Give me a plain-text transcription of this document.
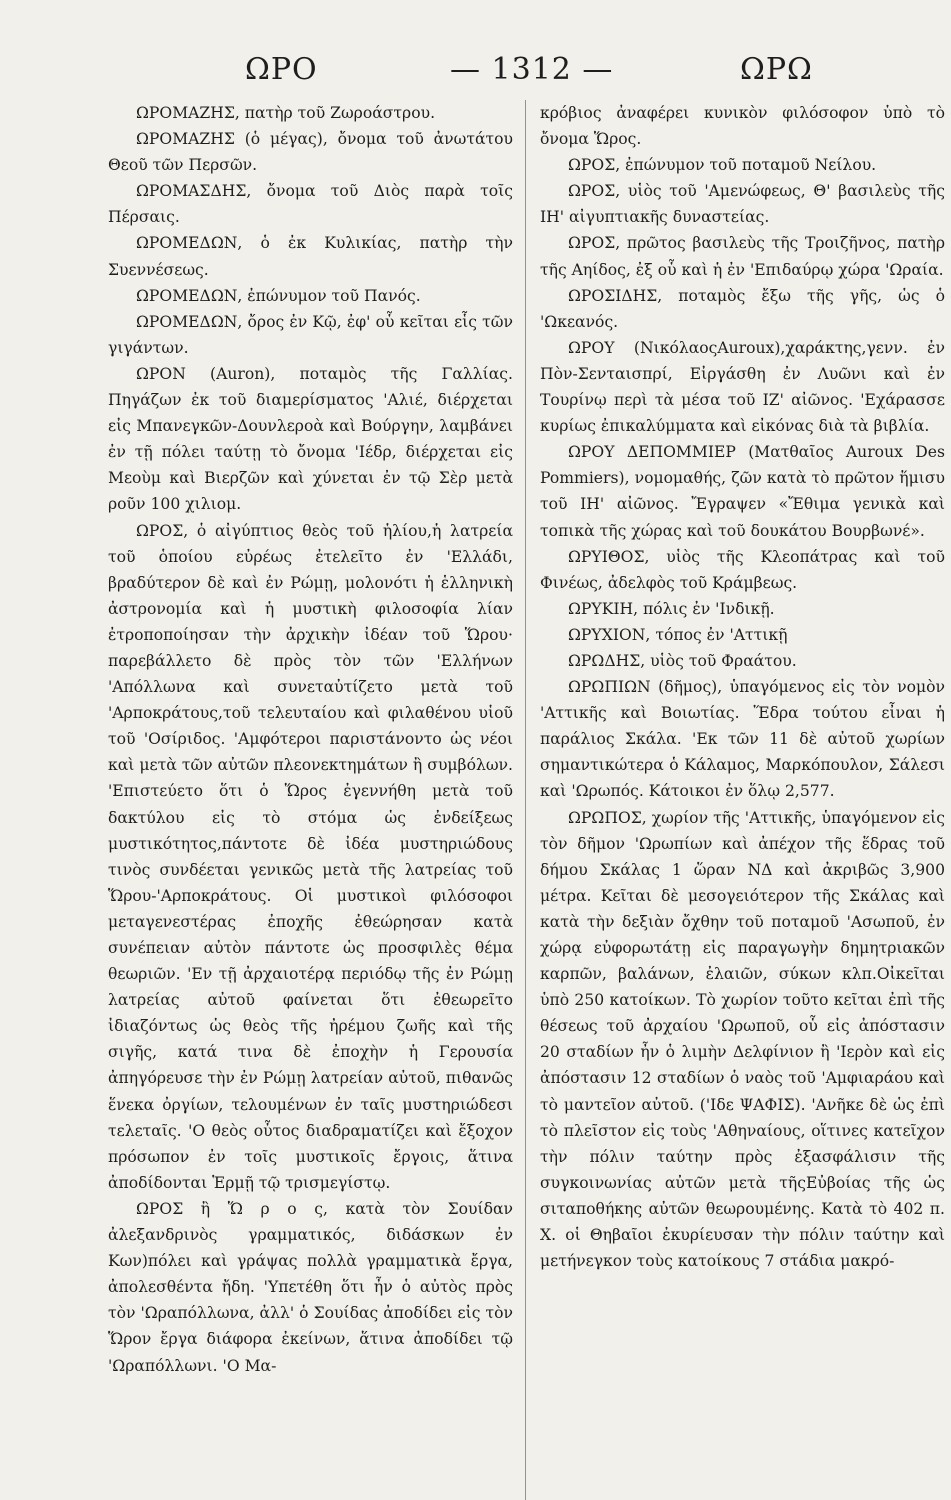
ΩΡΟ	— 1312 —	ΩΡΩ

ΩΡΟΜΑΖΗΣ, πατὴρ τοῦ Ζωροάστρου.

ΩΡΟΜΑΖΗΣ (ὁ μέγας), ὄνομα τοῦ ἀνωτάτου Θεοῦ τῶν Περσῶν.

ΩΡΟΜΑΣΔΗΣ, ὄνομα τοῦ Διὸς παρὰ τοῖς Πέρσαις.

ΩΡΟΜΕΔΩΝ, ὁ ἐκ Κυλικίας, πατὴρ τὴν Συεννέσεως.

ΩΡΟΜΕΔΩΝ, ἐπώνυμον τοῦ Πανός.

ΩΡΟΜΕΔΩΝ, ὄρος ἐν Κῷ, ἐφ' οὗ κεῖται εἷς τῶν γιγάντων.

ΩΡΟΝ (Auron), ποταμὸς τῆς Γαλλίας. Πηγάζων ἐκ τοῦ διαμερίσματος 'Αλιέ, διέρχεται εἰς Μπανεγκῶν-Δουνλεροὰ καὶ Βούργην, λαμβάνει ἐν τῇ πόλει ταύτῃ τὸ ὄνομα 'Ιέδρ, διέρχεται εἰς Μεοὺμ καὶ Βιερζῶν καὶ χύνεται ἐν τῷ Σὲρ μετὰ ροῦν 100 χιλιομ.

ΩΡΟΣ, ὁ αἰγύπτιος θεὸς τοῦ ἡλίου,ἡ λατρεία τοῦ ὁποίου εὐρέως ἐτελεῖτο ἐν 'Ελλάδι, βραδύτερον δὲ καὶ ἐν Ρώμῃ, μολονότι ἡ ἑλληνικὴ ἀστρονομία καὶ ἡ μυστικὴ φιλοσοφία λίαν ἐτροποποίησαν τὴν ἀρχικὴν ἰδέαν τοῦ Ὥρου· παρεβάλλετο δὲ πρὸς τὸν τῶν 'Ελλήνων 'Απόλλωνα καὶ συνεταὐτίζετο μετὰ τοῦ 'Αρποκράτους,τοῦ τελευταίου καὶ φιλαθένου υἱοῦ τοῦ 'Οσίριδος. 'Αμφότεροι παριστάνοντο ὡς νέοι καὶ μετὰ τῶν αὐτῶν πλεονεκτημάτων ἢ συμβόλων. 'Επιστεύετο ὅτι ὁ Ὥρος ἐγεννήθη μετὰ τοῦ δακτύλου εἰς τὸ στόμα ὡς ἐνδείξεως μυστικότητος,πάντοτε δὲ ἰδέα μυστηριώδους τινὸς συνδέεται γενικῶς μετὰ τῆς λατρείας τοῦ Ὥρου-'Αρποκράτους. Οἱ μυστικοὶ φιλόσοφοι μεταγενεστέρας ἐποχῆς ἐθεώρησαν κατὰ συνέπειαν αὐτὸν πάντοτε ὡς προσφιλὲς θέμα θεωριῶν. 'Εν τῇ ἀρχαιοτέρᾳ περιόδῳ τῆς ἐν Ρώμῃ λατρείας αὐτοῦ φαίνεται ὅτι ἐθεωρεῖτο ἰδιαζόντως ὡς θεὸς τῆς ἠρέμου ζωῆς καὶ τῆς σιγῆς, κατά τινα δὲ ἐποχὴν ἡ Γερουσία ἀπηγόρευσε τὴν ἐν Ρώμῃ λατρείαν αὐτοῦ, πιθανῶς ἕνεκα ὀργίων, τελουμένων ἐν ταῖς μυστηριώδεσι τελεταῖς. 'Ο θεὸς οὗτος διαδραματίζει καὶ ἔξοχον πρόσωπον ἐν τοῖς μυστικοῖς ἔργοις, ἅτινα ἀποδίδονται Ἑρμῇ τῷ τρισμεγίστῳ.

ΩΡΟΣ ἢ Ὥ ρ ο ς, κατὰ τὸν Σουίδαν ἀλεξανδρινὸς γραμματικός, διδάσκων ἐν Κων)πόλει καὶ γράψας πολλὰ γραμματικὰ ἔργα, ἀπολεσθέντα ἤδη. 'Υπετέθη ὅτι ἦν ὁ αὐτὸς πρὸς τὸν 'Ωραπόλλωνα, ἀλλ' ὁ Σουίδας ἀποδίδει εἰς τὸν Ὥρον ἔργα διάφορα ἐκείνων, ἅτινα ἀποδίδει τῷ 'Ωραπόλλωνι. 'Ο Μα-

κρόβιος ἀναφέρει κυνικὸν φιλόσοφον ὑπὸ τὸ ὄνομα Ὥρος.

ΩΡΟΣ, ἐπώνυμον τοῦ ποταμοῦ Νείλου.

ΩΡΟΣ, υἱὸς τοῦ 'Αμενώφεως, Θ' βασιλεὺς τῆς ΙΗ' αἰγυπτιακῆς δυναστείας.

ΩΡΟΣ, πρῶτος βασιλεὺς τῆς Τροιζῆνος, πατὴρ τῆς Αηίδος, ἐξ οὗ καὶ ἡ ἐν 'Επιδαύρῳ χώρα 'Ωραία.

ΩΡΟΣΙΔΗΣ, ποταμὸς ἔξω τῆς γῆς, ὡς ὁ 'Ωκεανός.

ΩΡΟΥ (ΝικόλαοςAuroux),χαράκτης,γενν. ἐν Πὸν-Σενταισπρί, Εἰργάσθη ἐν Λυῶνι καὶ ἐν Τουρίνῳ περὶ τὰ μέσα τοῦ ΙΖ' αἰῶνος. 'Εχάρασσε κυρίως ἐπικαλύμματα καὶ εἰκόνας διὰ τὰ βιβλία.

ΩΡΟΥ ΔΕΠΟΜΜΙΕΡ (Ματθαῖος Auroux Des Pommiers), νομομαθής, ζῶν κατὰ τὸ πρῶτον ἥμισυ τοῦ ΙΗ' αἰῶνος. Ἔγραψεν «Ἔθιμα γενικὰ καὶ τοπικὰ τῆς χώρας καὶ τοῦ δουκάτου Βουρβωνέ».

ΩΡΥΙΘΟΣ, υἱὸς τῆς Κλεοπάτρας καὶ τοῦ Φινέως, ἀδελφὸς τοῦ Κράμβεως.

ΩΡΥΚΙΗ, πόλις ἐν 'Ινδικῇ.

ΩΡΥΧΙΟΝ, τόπος ἐν 'Αττικῇ

ΩΡΩΔΗΣ, υἱὸς τοῦ Φραάτου.

ΩΡΩΠΙΩΝ (δῆμος), ὑπαγόμενος εἰς τὸν νομὸν 'Αττικῆς καὶ Βοιωτίας. Ἕδρα τούτου εἶναι ἡ παράλιος Σκάλα. 'Εκ τῶν 11 δὲ αὐτοῦ χωρίων σημαντικώτερα ὁ Κάλαμος, Μαρκόπουλον, Σάλεσι καὶ 'Ωρωπός. Κάτοικοι ἐν ὅλῳ 2,577.

ΩΡΩΠΟΣ, χωρίον τῆς 'Αττικῆς, ὑπαγόμενον εἰς τὸν δῆμον 'Ωρωπίων καὶ ἀπέχον τῆς ἕδρας τοῦ δήμου Σκάλας 1 ὥραν ΝΔ καὶ ἀκριβῶς 3,900 μέτρα. Κεῖται δὲ μεσογειότερον τῆς Σκάλας καὶ κατὰ τὴν δεξιὰν ὄχθην τοῦ ποταμοῦ 'Ασωποῦ, ἐν χώρᾳ εὐφορωτάτῃ εἰς παραγωγὴν δημητριακῶν καρπῶν, βαλάνων, ἐλαιῶν, σύκων κλπ.Οἰκεῖται ὑπὸ 250 κατοίκων. Τὸ χωρίον τοῦτο κεῖται ἐπὶ τῆς θέσεως τοῦ ἀρχαίου 'Ωρωποῦ, οὗ εἰς ἀπόστασιν 20 σταδίων ἦν ὁ λιμὴν Δελφίνιον ἢ 'Ιερὸν καὶ εἰς ἀπόστασιν 12 σταδίων ὁ ναὸς τοῦ 'Αμφιαράου καὶ τὸ μαντεῖον αὐτοῦ. ('Ιδε ΨΑΦΙΣ). 'Ανῆκε δὲ ὡς ἐπὶ τὸ πλεῖστον εἰς τοὺς 'Αθηναίους, οἵτινες κατεῖχον τὴν πόλιν ταύτην πρὸς ἐξασφάλισιν τῆς συγκοινωνίας αὐτῶν μετὰ τῆςΕὐβοίας τῆς ὡς σιταποθήκης αὐτῶν θεωρουμένης. Κατὰ τὸ 402 π. Χ. οἱ Θηβαῖοι ἐκυρίευσαν τὴν πόλιν ταύτην καὶ μετήνεγκον τοὺς κατοίκους 7 στάδια μακρό-
